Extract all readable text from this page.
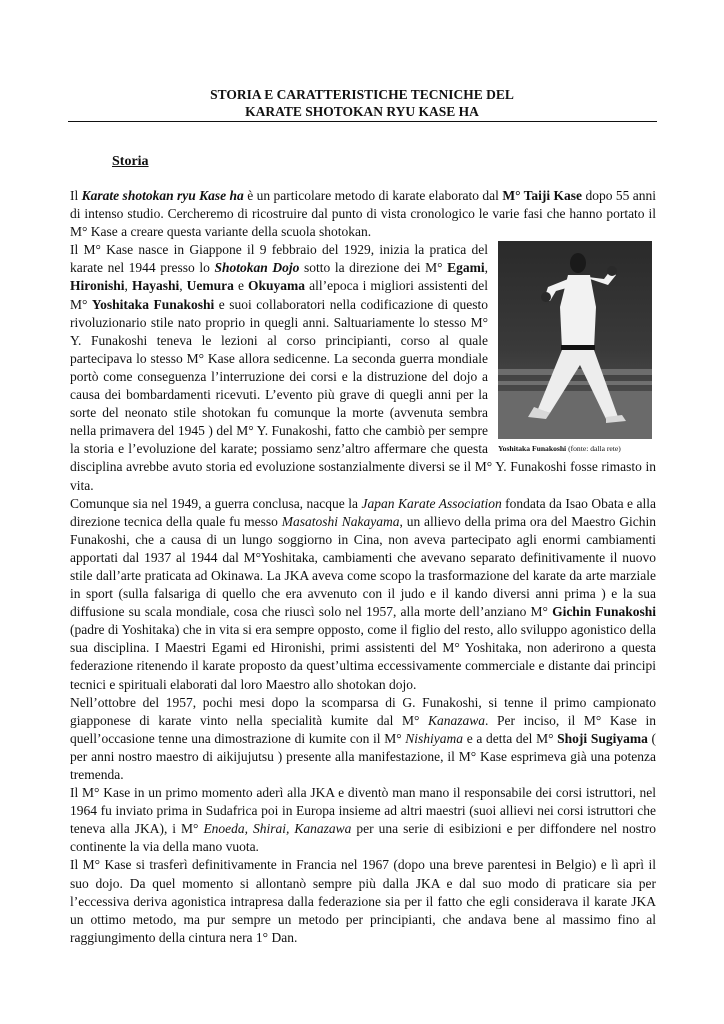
STORIA E CARATTERISTICHE TECNICHE DEL
KARATE SHOTOKAN RYU KASE HA
Storia

Il Karate shotokan ryu Kase ha è un particolare metodo di karate elaborato dal M° Taiji Kase dopo 55 anni di intenso studio. Cercheremo di ricostruire dal punto di vista cronologico le varie fasi che hanno portato il M° Kase a creare questa variante della scuola shotokan.

Yoshitaka Funakoshi (fonte: dalla rete)

Il M° Kase nasce in Giappone il 9 febbraio del 1929, inizia la pratica del karate nel 1944 presso lo Shotokan Dojo sotto la direzione dei M° Egami, Hironishi, Hayashi, Uemura e Okuyama all’epoca i migliori assistenti del M° Yoshitaka Funakoshi e suoi collaboratori nella codificazione di questo rivoluzionario stile nato proprio in quegli anni. Saltuariamente lo stesso M° Y. Funakoshi teneva le lezioni al corso principianti, corso al quale partecipava lo stesso M° Kase allora sedicenne. La seconda guerra mondiale portò come conseguenza l’interruzione dei corsi e la distruzione del dojo a causa dei bombardamenti ricevuti. L’evento più grave di quegli anni per la sorte del neonato stile shotokan fu comunque la morte (avvenuta sembra nella primavera del 1945 ) del M° Y. Funakoshi, fatto che cambiò per sempre la storia e l’evoluzione del karate; possiamo senz’altro affermare che questa disciplina avrebbe avuto storia ed evoluzione sostanzialmente diversi se il M° Y. Funakoshi fosse rimasto in vita.

Comunque sia nel 1949, a guerra conclusa, nacque la Japan Karate Association fondata da Isao Obata e alla direzione tecnica della quale fu messo Masatoshi Nakayama, un allievo della prima ora del Maestro Gichin Funakoshi, che a causa di un lungo soggiorno in Cina, non aveva partecipato agli enormi cambiamenti apportati dal 1937 al 1944 dal M°Yoshitaka, cambiamenti che avevano separato definitivamente il nuovo stile dall’arte praticata ad Okinawa. La JKA aveva come scopo la trasformazione del karate da arte marziale in sport (sulla falsariga di quello che era avvenuto con il judo e il kando diversi anni prima ) e la sua diffusione su scala mondiale, cosa che riuscì solo nel 1957, alla morte dell’anziano M° Gichin Funakoshi (padre di Yoshitaka) che in vita si era sempre opposto, come il figlio del resto, allo sviluppo agonistico della sua disciplina. I Maestri Egami ed Hironishi, primi assistenti del M° Yoshitaka, non aderirono a questa federazione ritenendo il karate proposto da quest’ultima eccessivamente commerciale e distante dai principi tecnici e spirituali elaborati dal loro Maestro allo shotokan dojo.

Nell’ottobre del 1957, pochi mesi dopo la scomparsa di G. Funakoshi, si tenne il primo campionato giapponese di karate vinto nella specialità kumite dal M° Kanazawa. Per inciso, il M° Kase in quell’occasione tenne una dimostrazione di kumite con il M° Nishiyama e a detta del M° Shoji Sugiyama ( per anni nostro maestro di aikijujutsu ) presente alla manifestazione, il M° Kase esprimeva già una potenza tremenda.

Il M° Kase in un primo momento aderì alla JKA e diventò man mano il responsabile dei corsi istruttori, nel 1964 fu inviato prima in Sudafrica poi in Europa insieme ad altri maestri (suoi allievi nei corsi istruttori che teneva alla JKA), i M° Enoeda, Shirai, Kanazawa per una serie di esibizioni e per diffondere nel nostro continente la via della mano vuota.

Il M° Kase si trasferì definitivamente in Francia nel 1967 (dopo una breve parentesi in Belgio) e lì aprì il suo dojo. Da quel momento si allontanò sempre più dalla JKA e dal suo modo di praticare sia per l’eccessiva deriva agonistica intrapresa dalla federazione sia per il fatto che egli considerava il karate JKA un ottimo metodo, ma pur sempre un metodo per principianti, che andava bene al massimo fino al raggiungimento della cintura nera 1° Dan.
